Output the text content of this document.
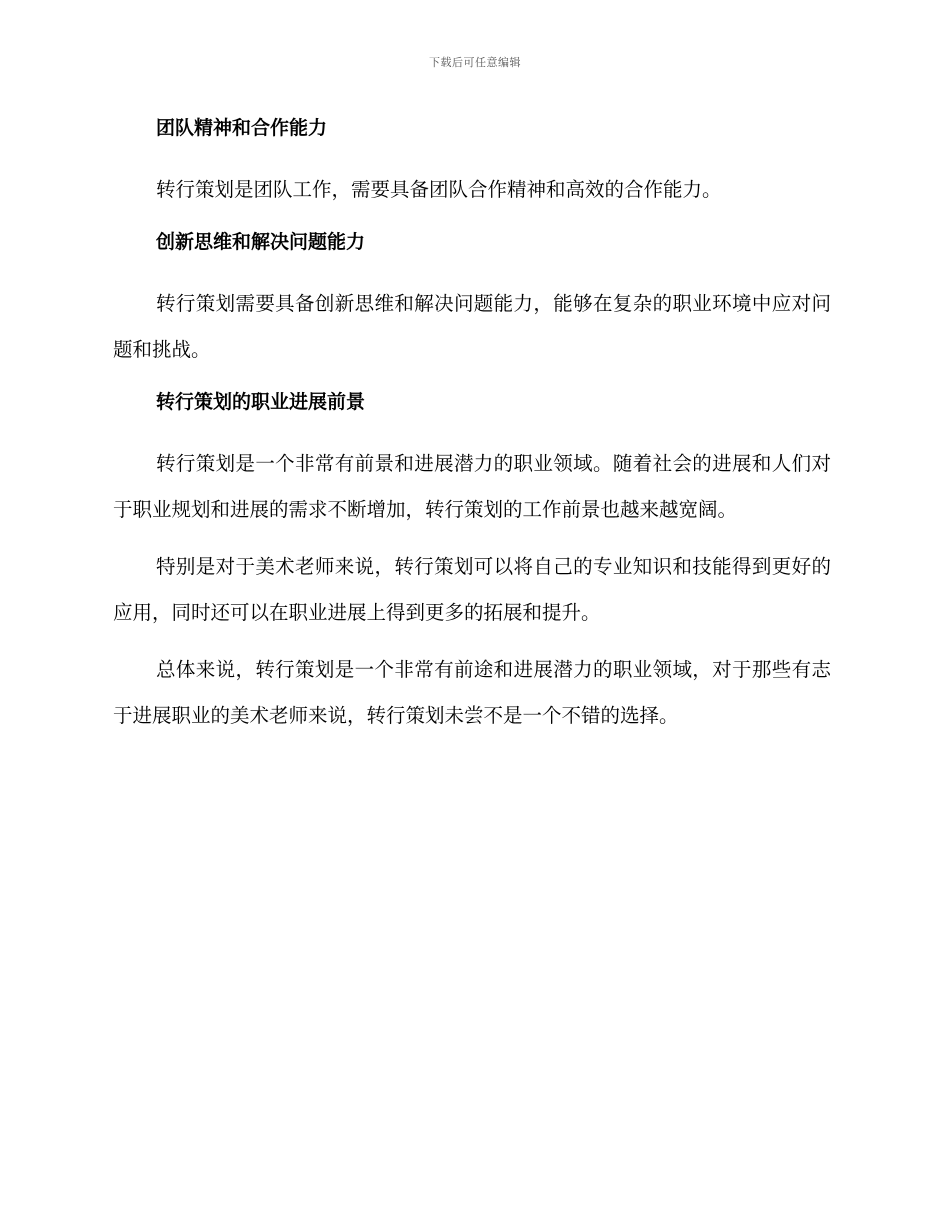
下载后可任意编辑
团队精神和合作能力

转行策划是团队工作，需要具备团队合作精神和高效的合作能力。

创新思维和解决问题能力

转行策划需要具备创新思维和解决问题能力，能够在复杂的职业环境中应对问题和挑战。

转行策划的职业进展前景

转行策划是一个非常有前景和进展潜力的职业领域。随着社会的进展和人们对于职业规划和进展的需求不断增加，转行策划的工作前景也越来越宽阔。

特别是对于美术老师来说，转行策划可以将自己的专业知识和技能得到更好的应用，同时还可以在职业进展上得到更多的拓展和提升。

总体来说，转行策划是一个非常有前途和进展潜力的职业领域，对于那些有志于进展职业的美术老师来说，转行策划未尝不是一个不错的选择。
